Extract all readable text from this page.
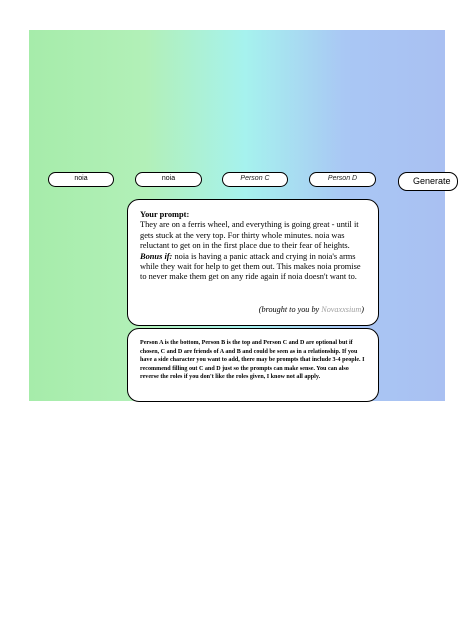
noia	noia	Person C	Person D	Generate
Your prompt:
They are on a ferris wheel, and everything is going great - until it gets stuck at the very top. For thirty whole minutes. noia was reluctant to get on in the first place due to their fear of heights.
Bonus if: noia is having a panic attack and crying in noia's arms while they wait for help to get them out. This makes noia promise to never make them get on any ride again if noia doesn't want to.
(brought to you by Novaxxsium)
Person A is the bottom, Person B is the top and Person C and D are optional but if chosen, C and D are friends of A and B and could be seen as in a relationship. If you have a side character you want to add, there may be prompts that include 3-4 people. I recommend filling out C and D just so the prompts can make sense. You can also reverse the roles if you don't like the roles given, I know not all apply.
